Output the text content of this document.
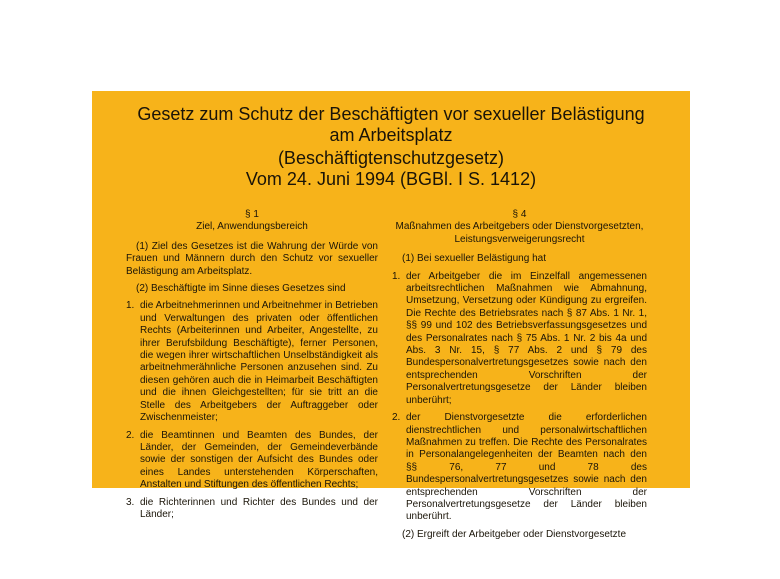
Gesetz zum Schutz der Beschäftigten vor sexueller Belästigung
am Arbeitsplatz
(Beschäftigtenschutzgesetz)
Vom 24. Juni 1994 (BGBl. I S. 1412)
§ 1
Ziel, Anwendungsbereich

(1) Ziel des Gesetzes ist die Wahrung der Würde von Frauen und Männern durch den Schutz vor sexueller Belästigung am Arbeitsplatz.

(2) Beschäftigte im Sinne dieses Gesetzes sind

1. die Arbeitnehmerinnen und Arbeitnehmer in Betrieben und Verwaltungen des privaten oder öffentlichen Rechts (Arbeiterinnen und Arbeiter, Angestellte, zu ihrer Berufsbildung Beschäftigte), ferner Personen, die wegen ihrer wirtschaftlichen Unselbständigkeit als arbeitnehmerähnliche Personen anzusehen sind. Zu diesen gehören auch die in Heimarbeit Beschäftigten und die ihnen Gleichgestellten; für sie tritt an die Stelle des Arbeitgebers der Auftraggeber oder Zwischenmeister;
2. die Beamtinnen und Beamten des Bundes, der Länder, der Gemeinden, der Gemeindeverbände sowie der sonstigen der Aufsicht des Bundes oder eines Landes unterstehenden Körperschaften, Anstalten und Stiftungen des öffentlichen Rechts;
3. die Richterinnen und Richter des Bundes und der Länder;
§ 4
Maßnahmen des Arbeitgebers oder Dienstvorgesetzten, Leistungsverweigerungsrecht

(1) Bei sexueller Belästigung hat

1. der Arbeitgeber die im Einzelfall angemessenen arbeitsrechtlichen Maßnahmen wie Abmahnung, Umsetzung, Versetzung oder Kündigung zu ergreifen. Die Rechte des Betriebsrates nach § 87 Abs. 1 Nr. 1, §§ 99 und 102 des Betriebsverfassungsgesetzes und des Personalrates nach § 75 Abs. 1 Nr. 2 bis 4a und Abs. 3 Nr. 15, § 77 Abs. 2 und § 79 des Bundespersonalvertretungsgesetzes sowie nach den entsprechenden Vorschriften der Personalvertretungsgesetze der Länder bleiben unberührt;
2. der Dienstvorgesetzte die erforderlichen dienstrechtlichen und personalwirtschaftlichen Maßnahmen zu treffen. Die Rechte des Personalrates in Personalangelegenheiten der Beamten nach den §§ 76, 77 und 78 des Bundespersonalvertretungsgesetzes sowie nach den entsprechenden Vorschriften der Personalvertretungsgesetze der Länder bleiben unberührt.

(2) Ergreift der Arbeitgeber oder Dienstvorgesetzte
